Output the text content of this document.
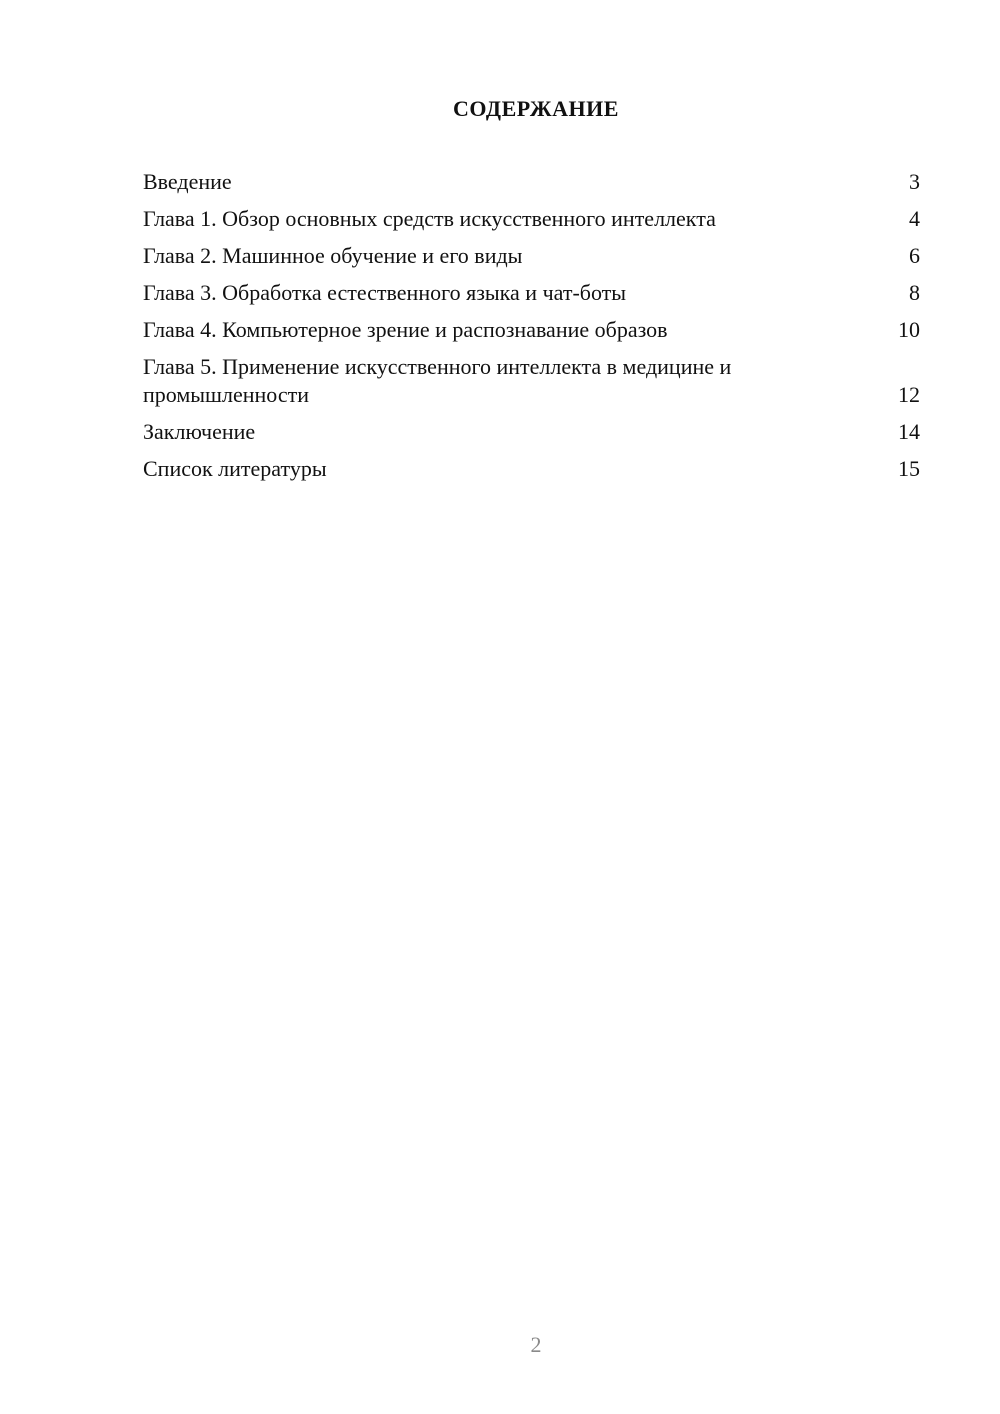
СОДЕРЖАНИЕ
Введение	3
Глава 1. Обзор основных средств искусственного интеллекта	4
Глава 2. Машинное обучение и его виды	6
Глава 3. Обработка естественного языка и чат-боты	8
Глава 4. Компьютерное зрение и распознавание образов	10
Глава 5. Применение искусственного интеллекта в медицине и промышленности	12
Заключение	14
Список литературы	15
2
